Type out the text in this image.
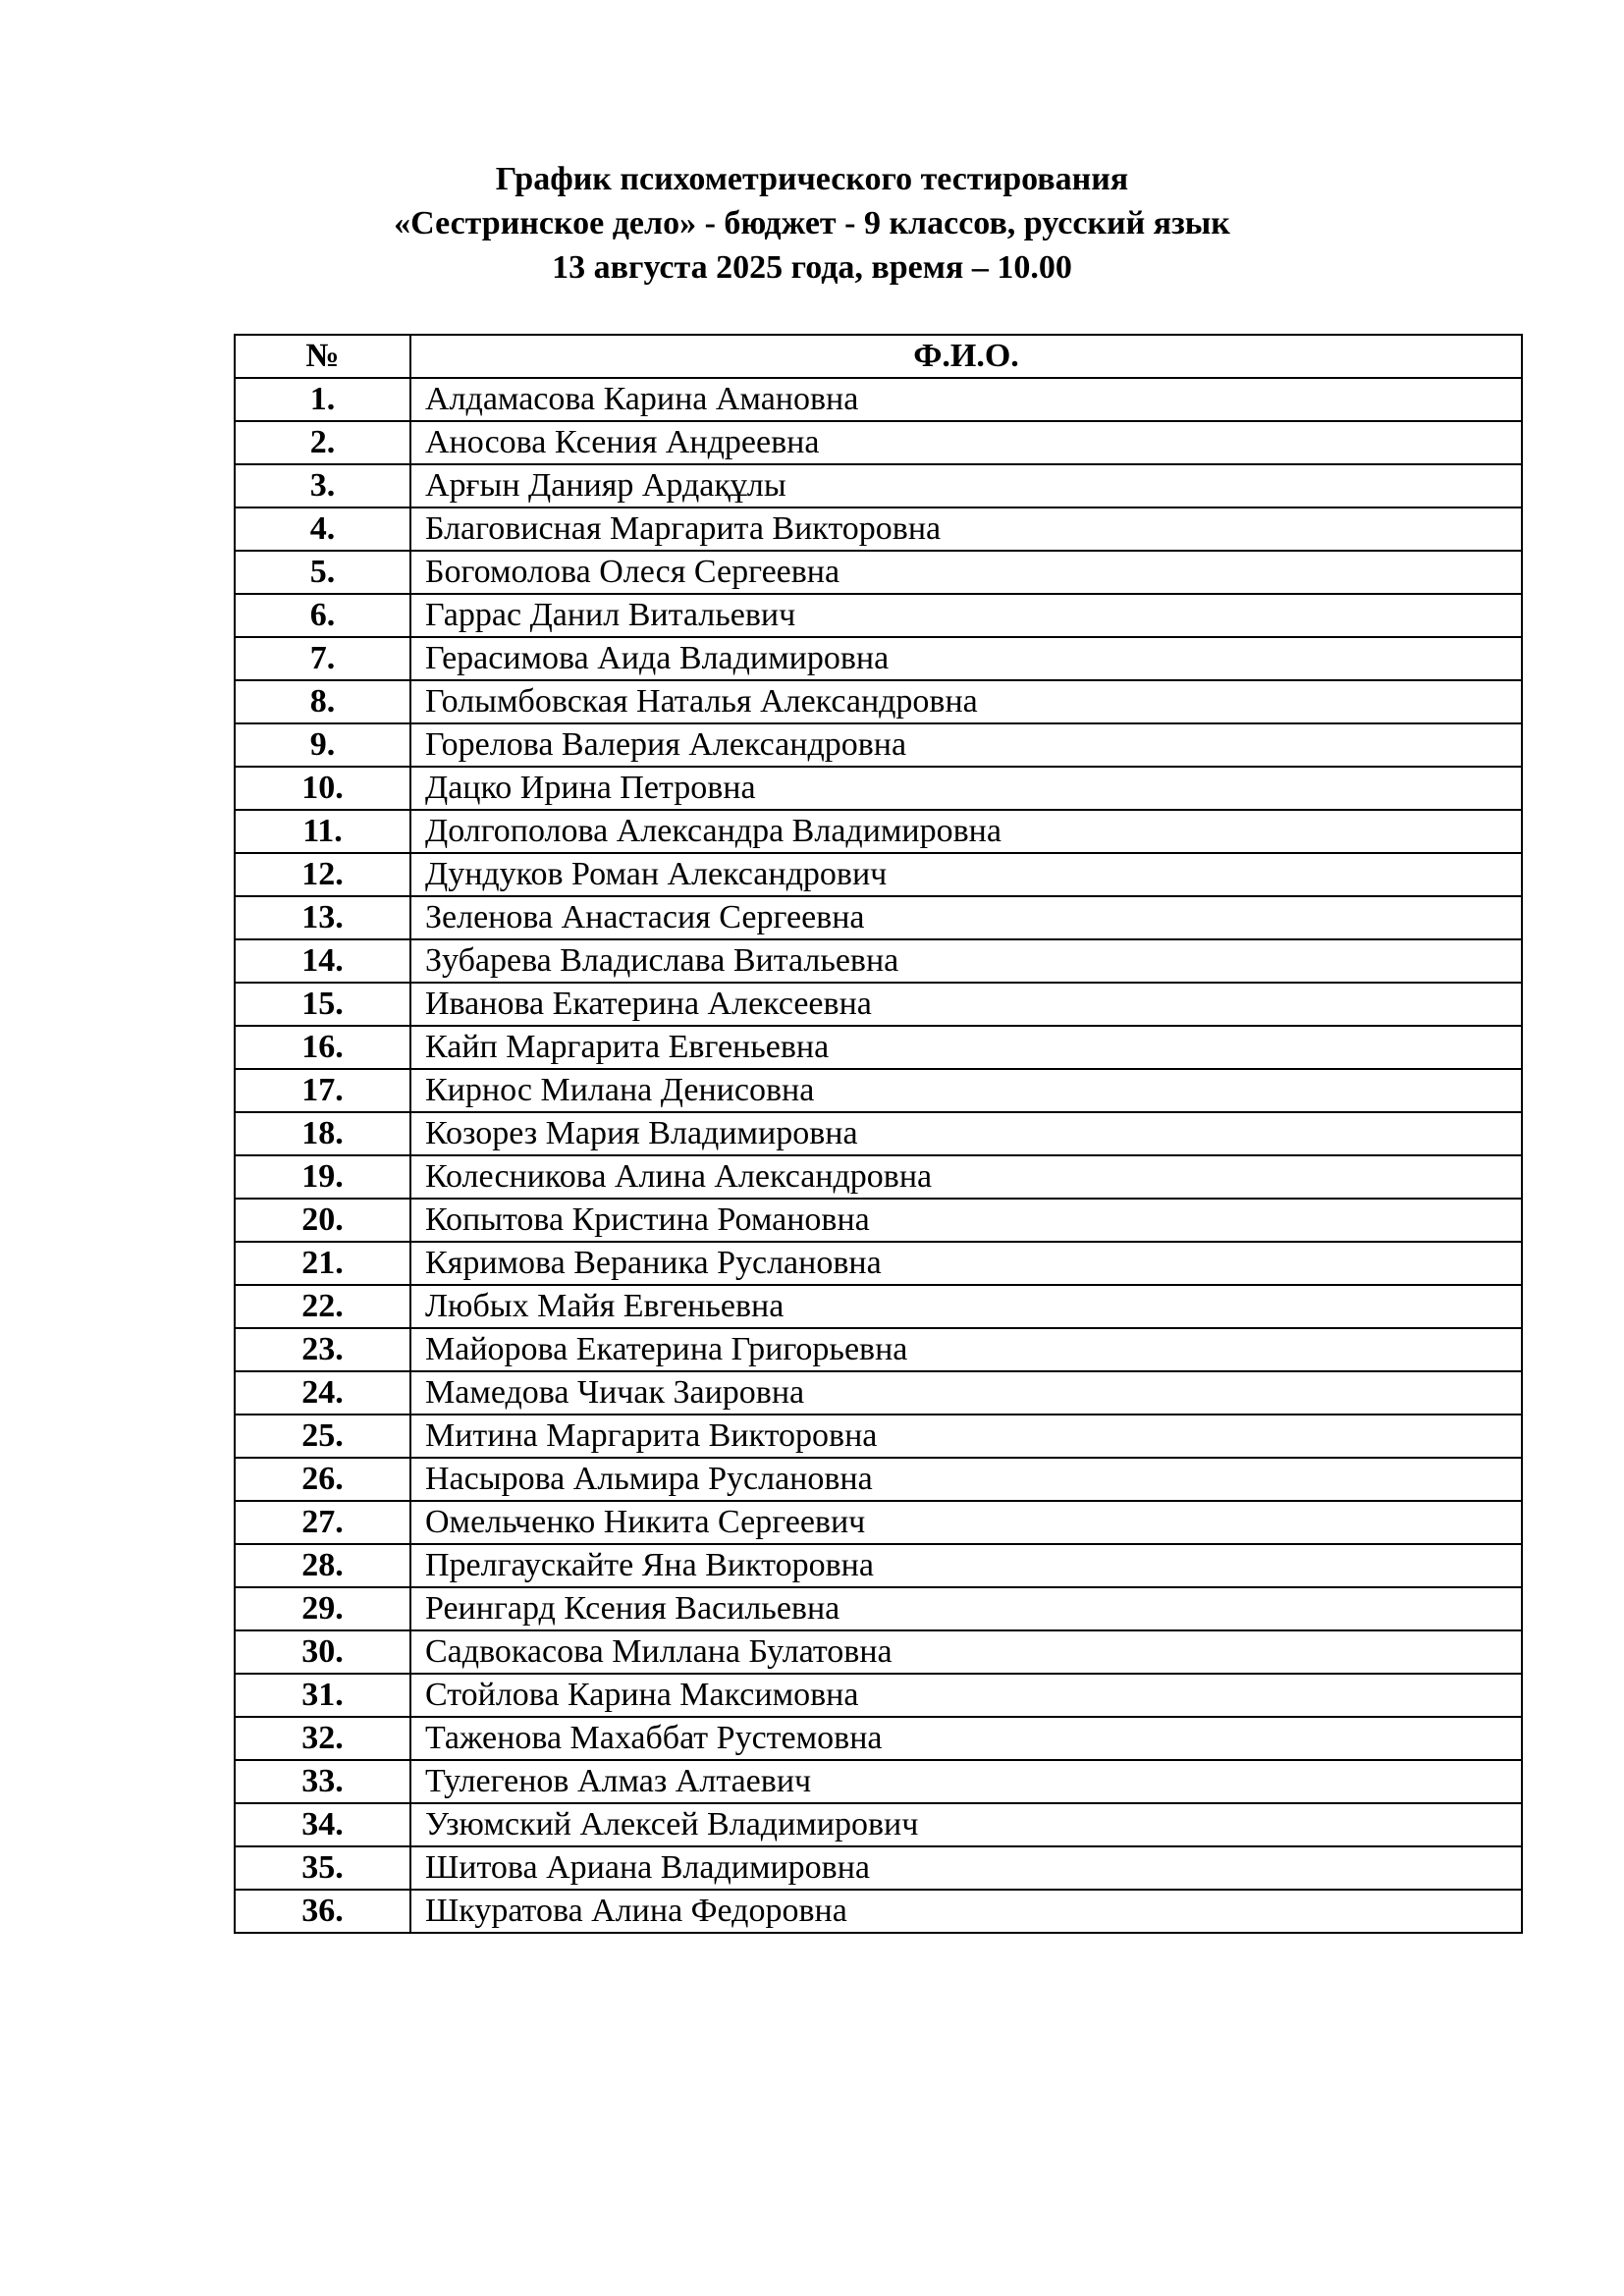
График психометрического тестирования
«Сестринское дело» - бюджет - 9 классов, русский язык
13 августа 2025 года, время – 10.00
№	Ф.И.О.
1.	Алдамасова Карина Амановна
2.	Аносова Ксения Андреевна
3.	Арғын Данияр Ардақұлы
4.	Благовисная Маргарита Викторовна
5.	Богомолова Олеся Сергеевна
6.	Гаррас Данил Витальевич
7.	Герасимова Аида Владимировна
8.	Голымбовская Наталья Александровна
9.	Горелова Валерия Александровна
10.	Дацко Ирина Петровна
11.	Долгополова Александра Владимировна
12.	Дундуков Роман Александрович
13.	Зеленова Анастасия Сергеевна
14.	Зубарева Владислава Витальевна
15.	Иванова Екатерина Алексеевна
16.	Кайп Маргарита Евгеньевна
17.	Кирнос Милана Денисовна
18.	Козорез Мария Владимировна
19.	Колесникова Алина Александровна
20.	Копытова Кристина Романовна
21.	Кяримова Вераника Руслановна
22.	Любых Майя Евгеньевна
23.	Майорова Екатерина Григорьевна
24.	Мамедова Чичак Заировна
25.	Митина Маргарита Викторовна
26.	Насырова Альмира Руслановна
27.	Омельченко Никита Сергеевич
28.	Прелгаускайте Яна Викторовна
29.	Реингард Ксения Васильевна
30.	Садвокасова Миллана Булатовна
31.	Стойлова Карина Максимовна
32.	Таженова Махаббат Рустемовна
33.	Тулегенов Алмаз Алтаевич
34.	Узюмский Алексей Владимирович
35.	Шитова Ариана Владимировна
36.	Шкуратова Алина Федоровна
